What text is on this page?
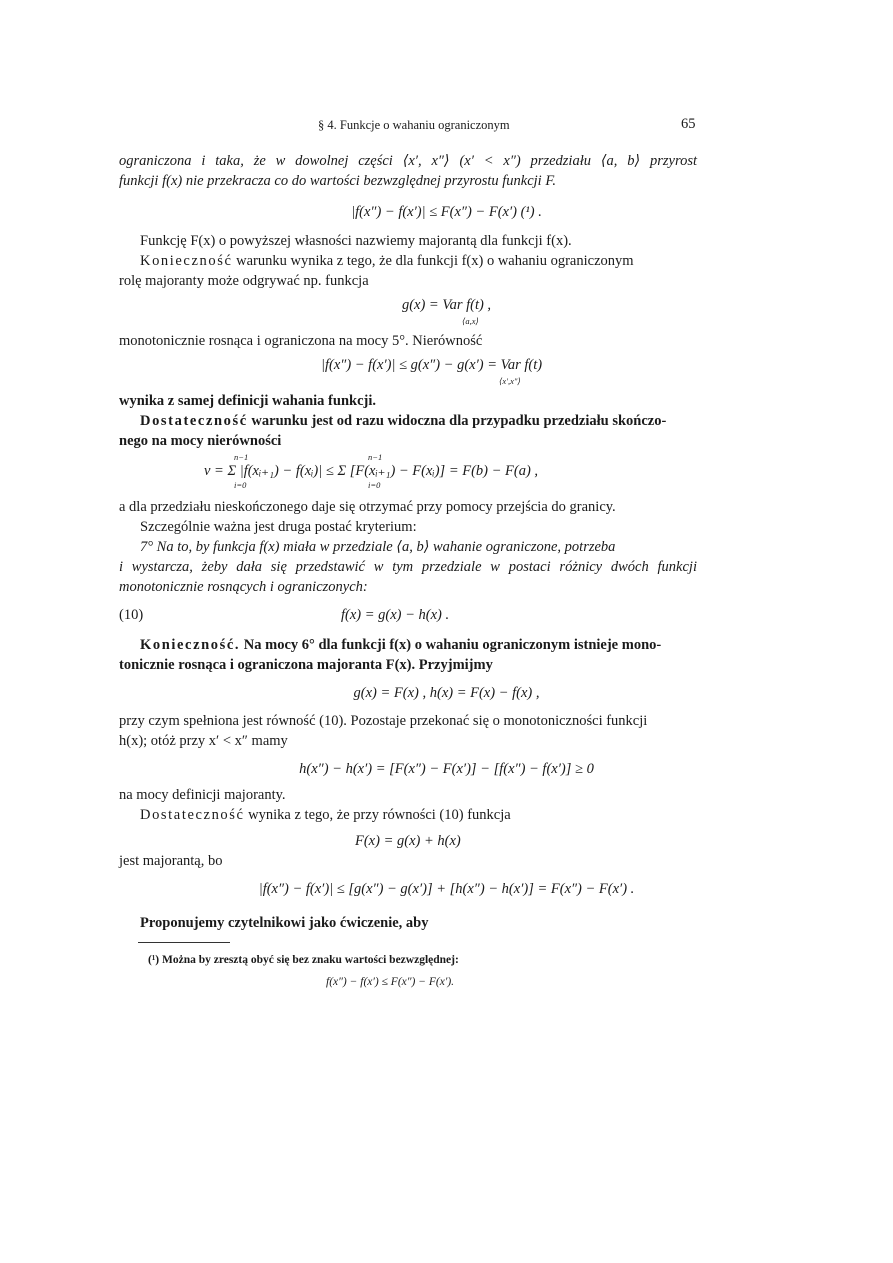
§ 4. Funkcje o wahaniu ograniczonym	65
ograniczona i taka, że w dowolnej części ⟨x′, x″⟩ (x′ < x″) przedziału ⟨a, b⟩ przyrost
funkcji f(x) nie przekracza co do wartości bezwzględnej przyrostu funkcji F.
|f(x″) − f(x′)| ≤ F(x″) − F(x′) (¹) .
Funkcję F(x) o powyższej własności nazwiemy majorantą dla funkcji f(x).
Konieczność warunku wynika z tego, że dla funkcji f(x) o wahaniu ograniczonym
rolę majoranty może odgrywać np. funkcja
g(x) = Var f(t) ,
⟨a,x⟩
monotonicznie rosnąca i ograniczona na mocy 5°. Nierówność
|f(x″) − f(x′)| ≤ g(x″) − g(x′) = Var f(t)
⟨x′,x″⟩
wynika z samej definicji wahania funkcji.
Dostateczność warunku jest od razu widoczna dla przypadku przedziału skończo-
nego na mocy nierówności
n−1	n−1
v = Σ |f(xᵢ₊₁) − f(xᵢ)| ≤ Σ [F(xᵢ₊₁) − F(xᵢ)] = F(b) − F(a) ,
i=0	i=0
a dla przedziału nieskończonego daje się otrzymać przy pomocy przejścia do granicy.
Szczególnie ważna jest druga postać kryterium:
7° Na to, by funkcja f(x) miała w przedziale ⟨a, b⟩ wahanie ograniczone, potrzeba
i wystarcza, żeby dała się przedstawić w tym przedziale w postaci różnicy dwóch funkcji
monotonicznie rosnących i ograniczonych:
(10)	f(x) = g(x) − h(x) .
Konieczność. Na mocy 6° dla funkcji f(x) o wahaniu ograniczonym istnieje mono-
tonicznie rosnąca i ograniczona majoranta F(x). Przyjmijmy
g(x) = F(x) , h(x) = F(x) − f(x) ,
przy czym spełniona jest równość (10). Pozostaje przekonać się o monotoniczności funkcji
h(x); otóż przy x′ < x″ mamy
h(x″) − h(x′) = [F(x″) − F(x′)] − [f(x″) − f(x′)] ≥ 0
na mocy definicji majoranty.
Dostateczność wynika z tego, że przy równości (10) funkcja
F(x) = g(x) + h(x)
jest majorantą, bo
|f(x″) − f(x′)| ≤ [g(x″) − g(x′)] + [h(x″) − h(x′)] = F(x″) − F(x′) .
Proponujemy czytelnikowi jako ćwiczenie, aby
(¹) Można by zresztą obyć się bez znaku wartości bezwzględnej:
f(x″) − f(x′) ≤ F(x″) − F(x′).
